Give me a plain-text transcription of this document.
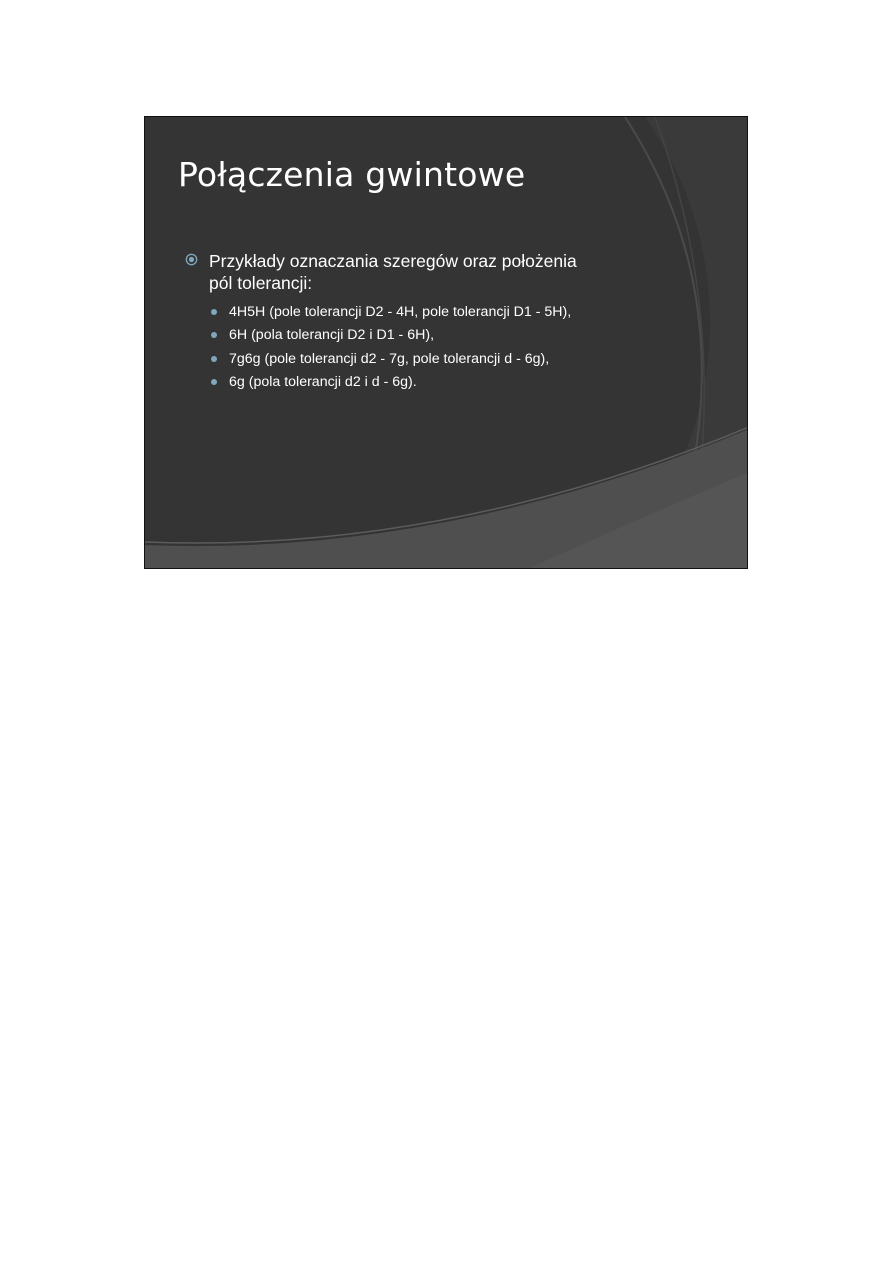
Połączenia gwintowe
Przykłady oznaczania szeregów oraz położenia
pól tolerancji:
4H5H (pole tolerancji D2 - 4H, pole tolerancji D1 - 5H),
6H (pola tolerancji D2 i D1 - 6H),
7g6g (pole tolerancji d2 - 7g, pole tolerancji d - 6g),
6g (pola tolerancji d2 i d - 6g).
